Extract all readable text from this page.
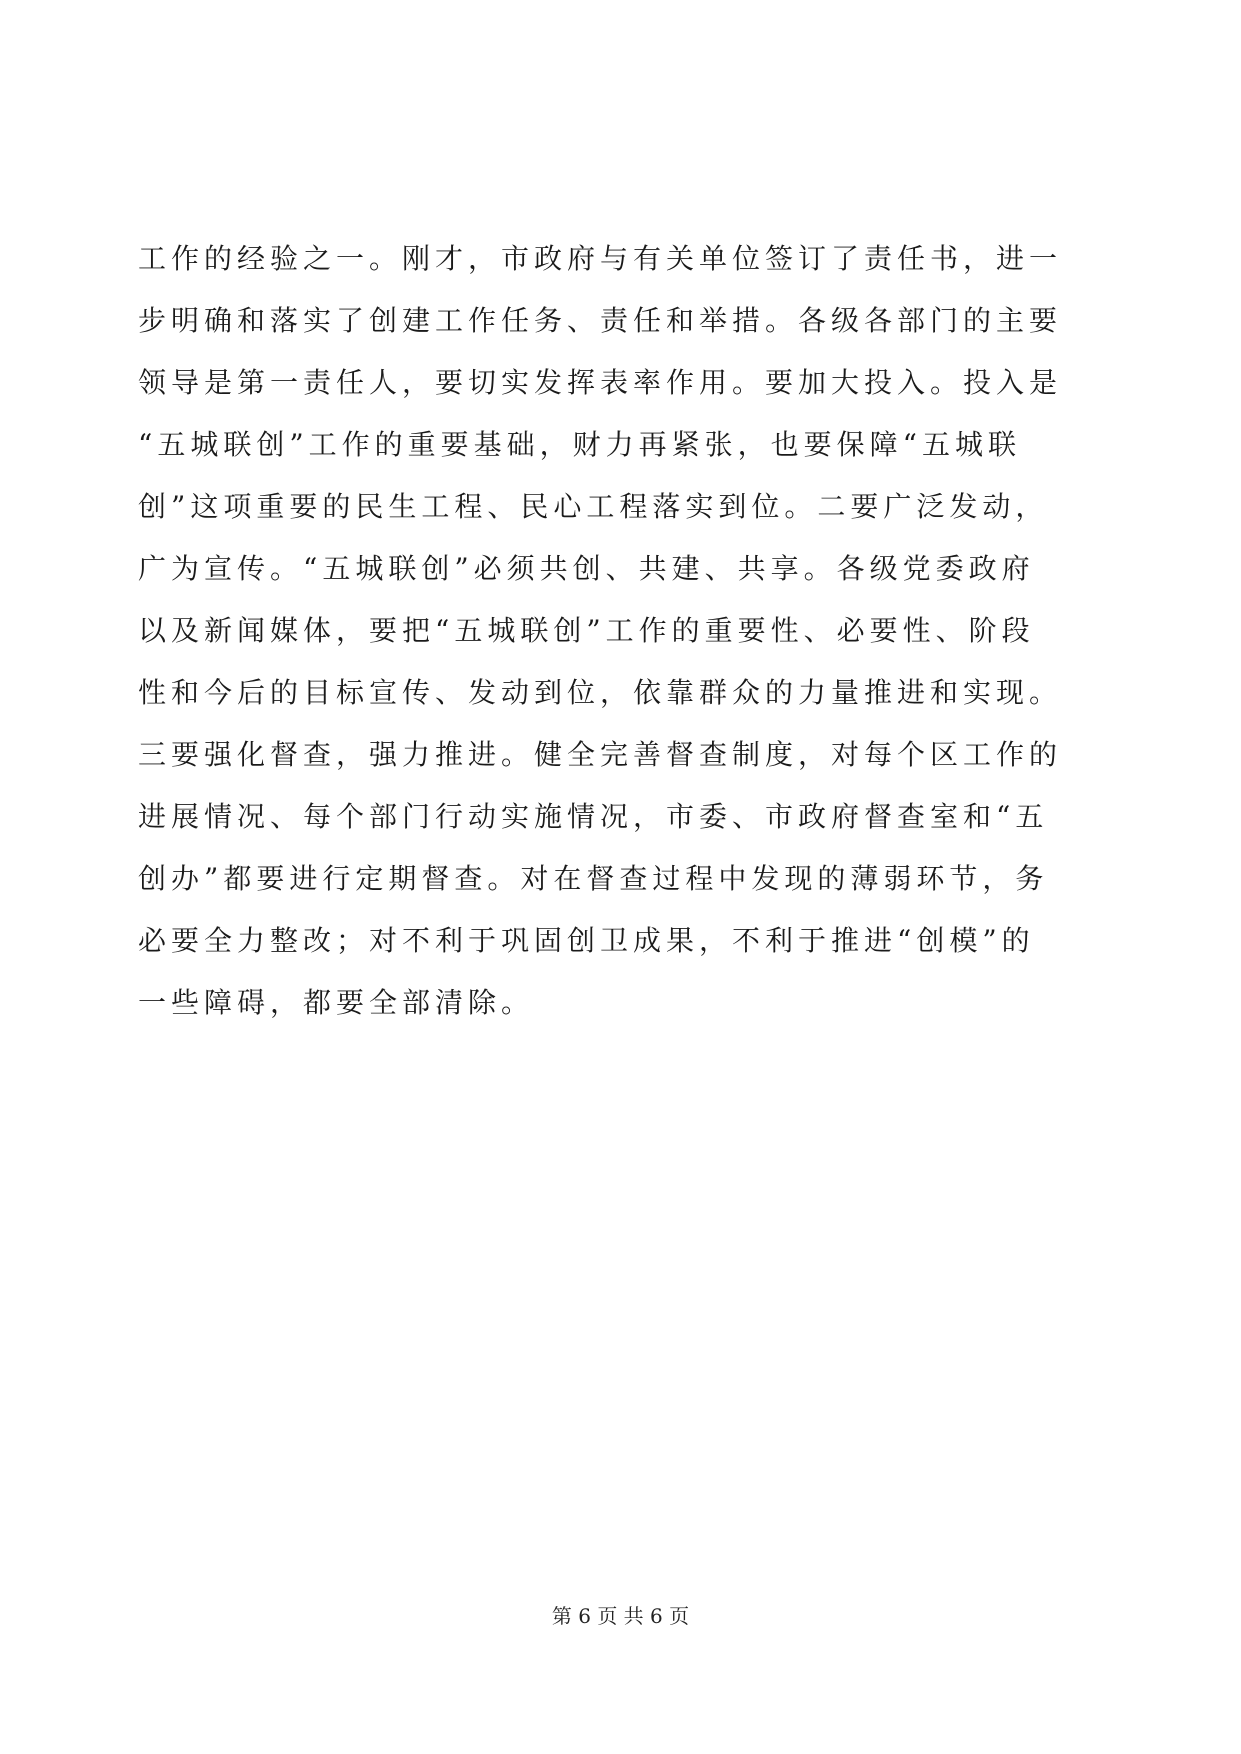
工作的经验之一。刚才，市政府与有关单位签订了责任书，进一
步明确和落实了创建工作任务、责任和举措。各级各部门的主要
领导是第一责任人，要切实发挥表率作用。要加大投入。投入是
“五城联创”工作的重要基础，财力再紧张，也要保障“五城联
创”这项重要的民生工程、民心工程落实到位。二要广泛发动，
广为宣传。“五城联创”必须共创、共建、共享。各级党委政府
以及新闻媒体，要把“五城联创”工作的重要性、必要性、阶段
性和今后的目标宣传、发动到位，依靠群众的力量推进和实现。
三要强化督查，强力推进。健全完善督查制度，对每个区工作的
进展情况、每个部门行动实施情况，市委、市政府督查室和“五
创办”都要进行定期督查。对在督查过程中发现的薄弱环节，务
必要全力整改；对不利于巩固创卫成果，不利于推进“创模”的
一些障碍，都要全部清除。
第 6 页 共 6 页
